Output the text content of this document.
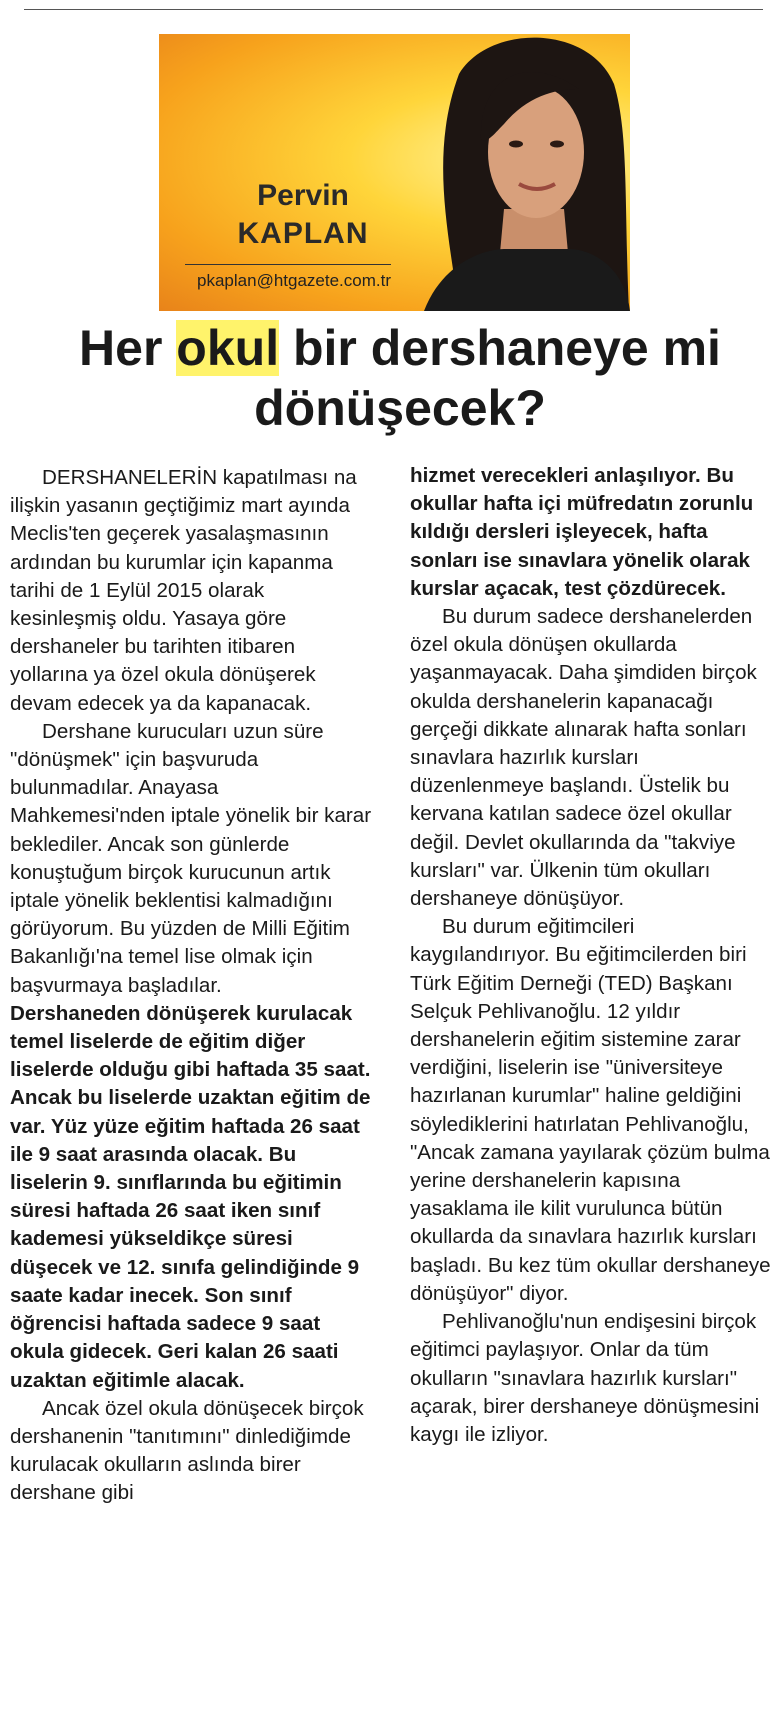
Pervin
KAPLAN
pkaplan@htgazete.com.tr
Her okul bir dershaneye mi dönüşecek?

DERSHANELERİN kapatılması na ilişkin yasanın geçtiğimiz mart ayında Meclis'ten geçerek yasalaşmasının ardından bu kurumlar için kapanma tarihi de 1 Eylül 2015 olarak kesinleşmiş oldu. Yasaya göre dershaneler bu tarihten itibaren yollarına ya özel okula dönüşerek devam edecek ya da kapanacak.

Dershane kurucuları uzun süre "dönüşmek" için başvuruda bulunmadılar. Anayasa Mahkemesi'nden iptale yönelik bir karar beklediler. Ancak son günlerde konuştuğum birçok kurucunun artık iptale yönelik beklentisi kalmadığını görüyorum. Bu yüzden de Milli Eğitim Bakanlığı'na temel lise olmak için başvurmaya başladılar.

Dershaneden dönüşerek kurulacak temel liselerde de eğitim diğer liselerde olduğu gibi haftada 35 saat. Ancak bu liselerde uzaktan eğitim de var. Yüz yüze eğitim haftada 26 saat ile 9 saat arasında olacak. Bu liselerin 9. sınıflarında bu eğitimin süresi haftada 26 saat iken sınıf kademesi yükseldikçe süresi düşecek ve 12. sınıfa gelindiğinde 9 saate kadar inecek. Son sınıf öğrencisi haftada sadece 9 saat okula gidecek. Geri kalan 26 saati uzaktan eğitimle alacak.

Ancak özel okula dönüşecek birçok dershanenin "tanıtımını" dinlediğimde kurulacak okulların aslında birer dershane gibi

hizmet verecekleri anlaşılıyor. Bu okullar hafta içi müfredatın zorunlu kıldığı dersleri işleyecek, hafta sonları ise sınavlara yönelik olarak kurslar açacak, test çözdürecek.

Bu durum sadece dershanelerden özel okula dönüşen okullarda yaşanmayacak. Daha şimdiden birçok okulda dershanelerin kapanacağı gerçeği dikkate alınarak hafta sonları sınavlara hazırlık kursları düzenlenmeye başlandı. Üstelik bu kervana katılan sadece özel okullar değil. Devlet okullarında da "takviye kursları" var. Ülkenin tüm okulları dershaneye dönüşüyor.

Bu durum eğitimcileri kaygılandırıyor. Bu eğitimcilerden biri Türk Eğitim Derneği (TED) Başkanı Selçuk Pehlivanoğlu. 12 yıldır dershanelerin eğitim sistemine zarar verdiğini, liselerin ise "üniversiteye hazırlanan kurumlar" haline geldiğini söylediklerini hatırlatan Pehlivanoğlu, "Ancak zamana yayılarak çözüm bulma yerine dershanelerin kapısına yasaklama ile kilit vurulunca bütün okullarda da sınavlara hazırlık kursları başladı. Bu kez tüm okullar dershaneye dönüşüyor" diyor.

Pehlivanoğlu'nun endişesini birçok eğitimci paylaşıyor. Onlar da tüm okulların "sınavlara hazırlık kursları" açarak, birer dershaneye dönüşmesini kaygı ile izliyor.
